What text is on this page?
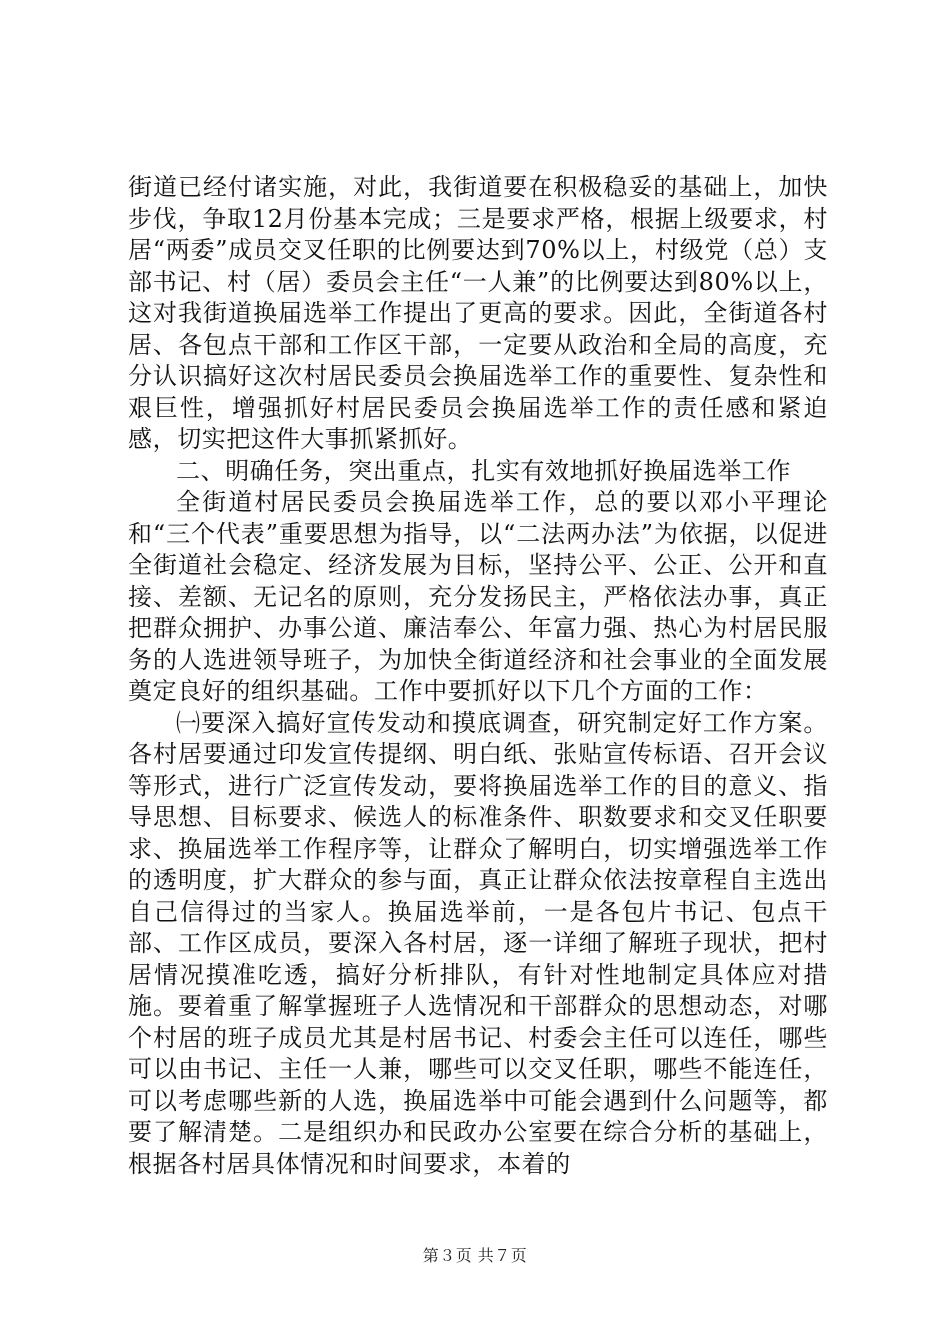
街道已经付诸实施，对此，我街道要在积极稳妥的基础上，加快步伐，争取12月份基本完成；三是要求严格，根据上级要求，村居“两委”成员交叉任职的比例要达到70%以上，村级党（总）支部书记、村（居）委员会主任“一人兼”的比例要达到80%以上，这对我街道换届选举工作提出了更高的要求。因此，全街道各村居、各包点干部和工作区干部，一定要从政治和全局的高度，充分认识搞好这次村居民委员会换届选举工作的重要性、复杂性和艰巨性，增强抓好村居民委员会换届选举工作的责任感和紧迫感，切实把这件大事抓紧抓好。

二、明确任务，突出重点，扎实有效地抓好换届选举工作

全街道村居民委员会换届选举工作，总的要以邓小平理论和“三个代表”重要思想为指导，以“二法两办法”为依据，以促进全街道社会稳定、经济发展为目标，坚持公平、公正、公开和直接、差额、无记名的原则，充分发扬民主，严格依法办事，真正把群众拥护、办事公道、廉洁奉公、年富力强、热心为村居民服务的人选进领导班子，为加快全街道经济和社会事业的全面发展奠定良好的组织基础。工作中要抓好以下几个方面的工作：

㈠要深入搞好宣传发动和摸底调查，研究制定好工作方案。各村居要通过印发宣传提纲、明白纸、张贴宣传标语、召开会议等形式，进行广泛宣传发动，要将换届选举工作的目的意义、指导思想、目标要求、候选人的标准条件、职数要求和交叉任职要求、换届选举工作程序等，让群众了解明白，切实增强选举工作的透明度，扩大群众的参与面，真正让群众依法按章程自主选出自己信得过的当家人。换届选举前，一是各包片书记、包点干部、工作区成员，要深入各村居，逐一详细了解班子现状，把村居情况摸准吃透，搞好分析排队，有针对性地制定具体应对措施。要着重了解掌握班子人选情况和干部群众的思想动态，对哪个村居的班子成员尤其是村居书记、村委会主任可以连任，哪些可以由书记、主任一人兼，哪些可以交叉任职，哪些不能连任，可以考虑哪些新的人选，换届选举中可能会遇到什么问题等，都要了解清楚。二是组织办和民政办公室要在综合分析的基础上，根据各村居具体情况和时间要求，本着的

第３页 共７页
